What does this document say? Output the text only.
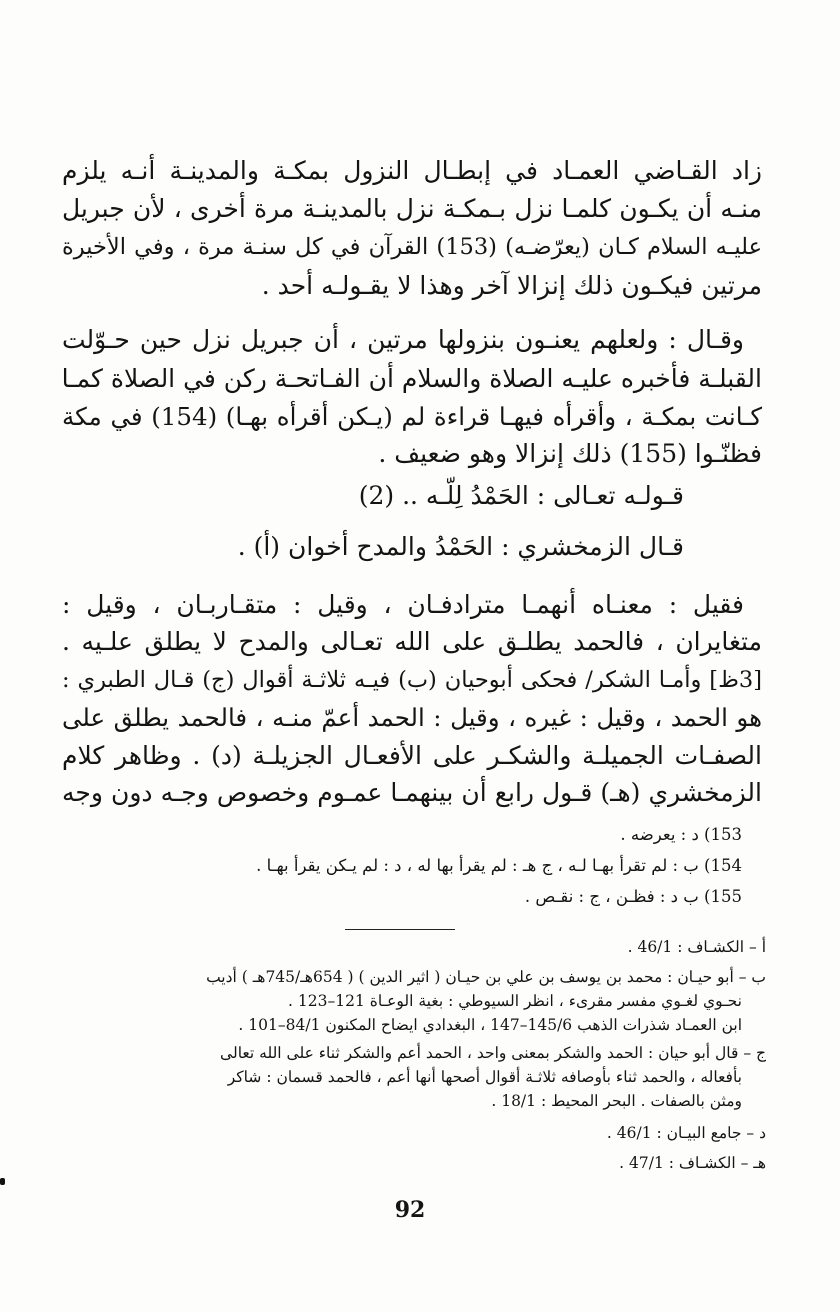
زاد القـاضي العمـاد في إبطـال النزول بمكـة والمدينـة أنـه يلزم
منـه أن يكـون كلمـا نزل بـمكـة نزل بالمدينـة مرة أخرى ، لأن جبريل
عليـه السلام كـان (يعرّضـه) (153) القرآن في كل سنـة مرة ، وفي الأخيرة
مرتين فيكـون ذلك إنزالا آخر وهذا لا يقـولـه أحد .
وقـال : ولعلهم يعنـون بنزولها مرتين ، أن جبريل نزل حين حـوّلت
القبلـة فأخبره عليـه الصلاة والسلام أن الفـاتحـة ركن في الصلاة كمـا
كـانت بمكـة ، وأقرأه فيهـا قراءة لم (يـكن أقرأه بهـا) (154) في مكة
فظنّـوا (155) ذلك إنزالا وهو ضعيف .
قـولـه تعـالى : الحَمْدُ لِلّـه .. (2)
قـال الزمخشري : الحَمْدُ والمدح أخوان (أ) .
فقيل : معنـاه أنهمـا مترادفـان ، وقيل : متقـاربـان ، وقيل :
متغايران ، فالحمد يطلـق على الله تعـالى والمدح لا يطلق علـيه .
[3ظ] وأمـا الشكر/ فحكى أبوحيان (ب) فيـه ثلاثـة أقوال (ج) قـال الطبري :
هو الحمد ، وقيل : غيره ، وقيل : الحمد أعمّ منـه ، فالحمد يطلق على
الصفـات الجميلـة والشكـر على الأفعـال الجزيلـة (د) . وظاهر كلام
الزمخشري (هـ) قـول رابع أن بينهمـا عمـوم وخصوص وجـه دون وجه
153) د : يعرضه .
154) ب : لم تقرأ بهـا لـه ، ج هـ : لم يقرأ بها له ، د : لم يـكن يقرأ بهـا .
155) ب د : فظـن ، ج : نقـص .
أ – الكشـاف : 46/1 .
ب – أبو حيـان : محمد بن يوسف بن علي بن حيـان ( اثير الدين ) ( 654هـ/745هـ ) أديب
نحـوي لغـوي مفسر مقرىء ، انظر السيوطي : بغية الوعـاة 121–123 .
ابن العمـاد شذرات الذهب 145/6–147 ، البغدادي ايضاح المكنون 84/1–101 .
ج – قال أبو حيان : الحمد والشكر بمعنى واحد ، الحمد أعم والشكر ثناء على الله تعالى
بأفعاله ، والحمد ثناء بأوصافه ثلاثـة أقوال أصحها أنها أعم ، فالحمد قسمان : شاكر
ومثن بالصفات . البحر المحيط : 18/1 .
د – جامع البيـان : 46/1 .
هـ – الكشـاف : 47/1 .
92
